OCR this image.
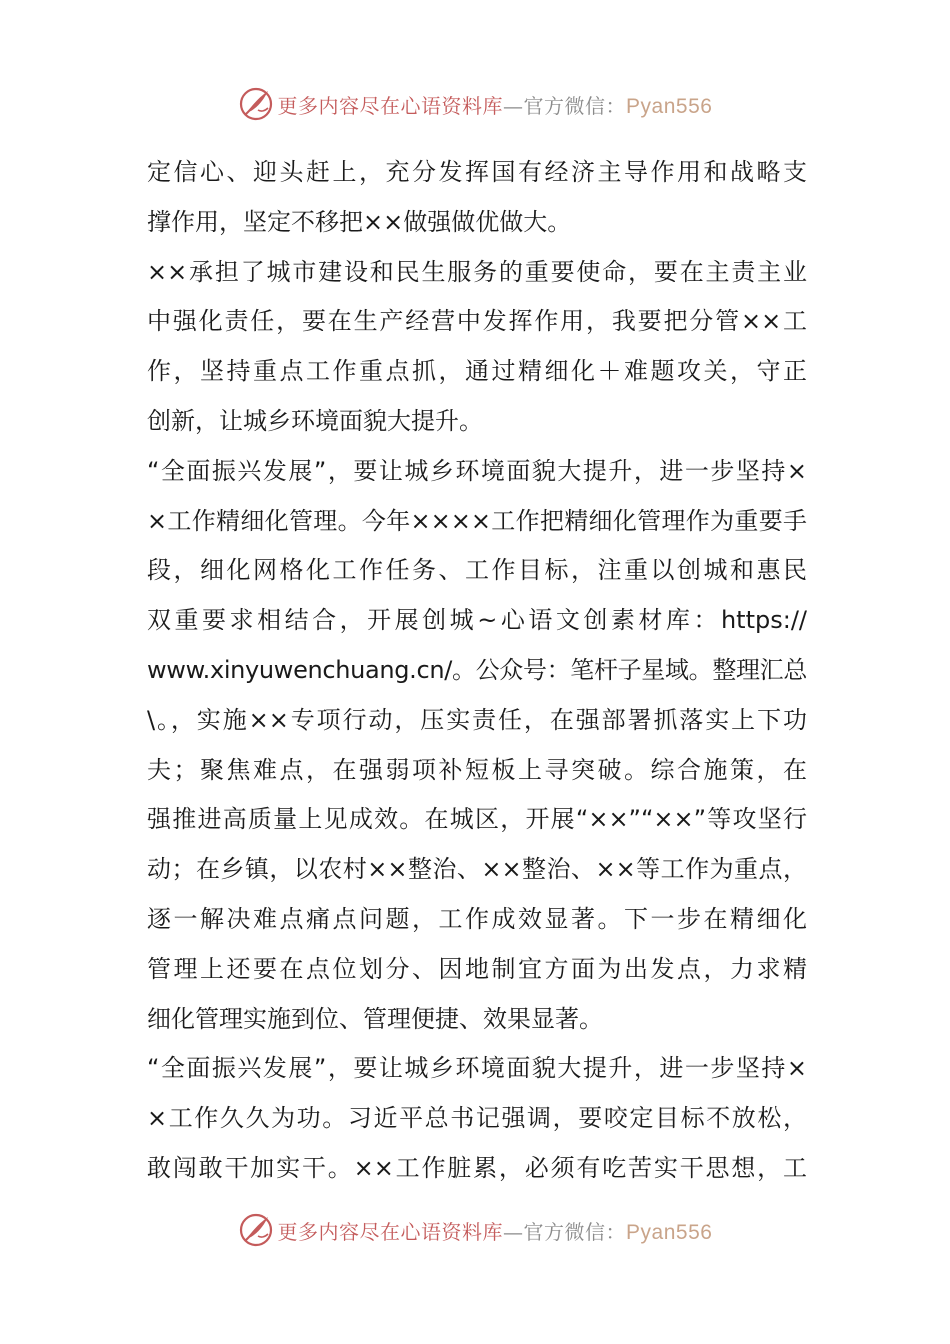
更多内容尽在心语资料库—官方微信：Pyan556
定信心、迎头赶上，充分发挥国有经济主导作用和战略支
撑作用，坚定不移把××做强做优做大。
××承担了城市建设和民生服务的重要使命，要在主责主业
中强化责任，要在生产经营中发挥作用，我要把分管××工
作，坚持重点工作重点抓，通过精细化＋难题攻关，守正
创新，让城乡环境面貌大提升。
“全面振兴发展”，要让城乡环境面貌大提升，进一步坚持×
×工作精细化管理。今年××××工作把精细化管理作为重要手
段，细化网格化工作任务、工作目标，注重以创城和惠民
双重要求相结合，开展创城~心语文创素材库：https://
www.xinyuwenchuang.cn/。公众号：笔杆子星域。整理汇总
\。，实施××专项行动，压实责任，在强部署抓落实上下功
夫；聚焦难点，在强弱项补短板上寻突破。综合施策，在
强推进高质量上见成效。在城区，开展“××”“××”等攻坚行
动；在乡镇，以农村××整治、××整治、××等工作为重点，
逐一解决难点痛点问题，工作成效显著。下一步在精细化
管理上还要在点位划分、因地制宜方面为出发点，力求精
细化管理实施到位、管理便捷、效果显著。
“全面振兴发展”，要让城乡环境面貌大提升，进一步坚持×
×工作久久为功。习近平总书记强调，要咬定目标不放松，
敢闯敢干加实干。××工作脏累，必须有吃苦实干思想，工
更多内容尽在心语资料库—官方微信：Pyan556
